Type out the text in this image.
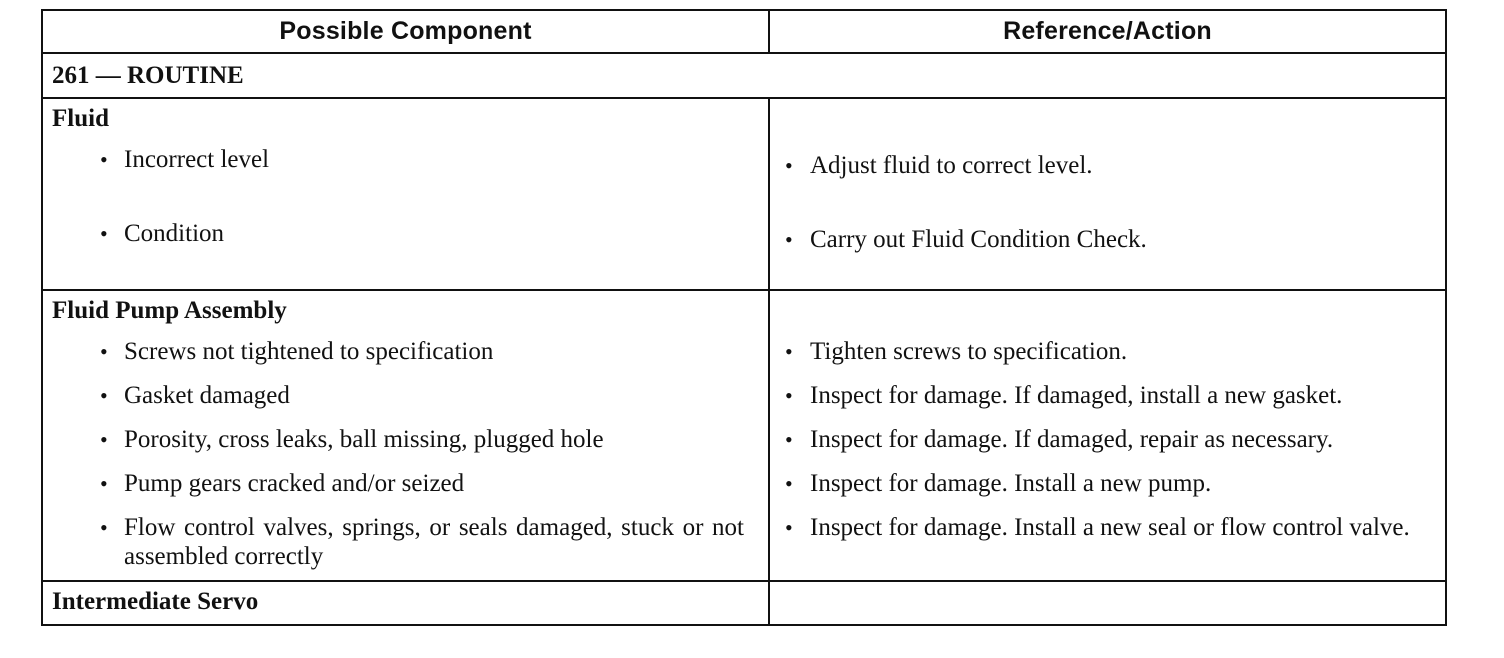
Possible Component	Reference/Action
261 — ROUTINE
Fluid
• Incorrect level
• Condition
• Adjust fluid to correct level.
• Carry out Fluid Condition Check.
Fluid Pump Assembly
• Screws not tightened to specification
• Gasket damaged
• Porosity, cross leaks, ball missing, plugged hole
• Pump gears cracked and/or seized
• Flow control valves, springs, or seals damaged, stuck or not assembled correctly
• Tighten screws to specification.
• Inspect for damage. If damaged, install a new gasket.
• Inspect for damage. If damaged, repair as necessary.
• Inspect for damage. Install a new pump.
• Inspect for damage. Install a new seal or flow control valve.
Intermediate Servo
